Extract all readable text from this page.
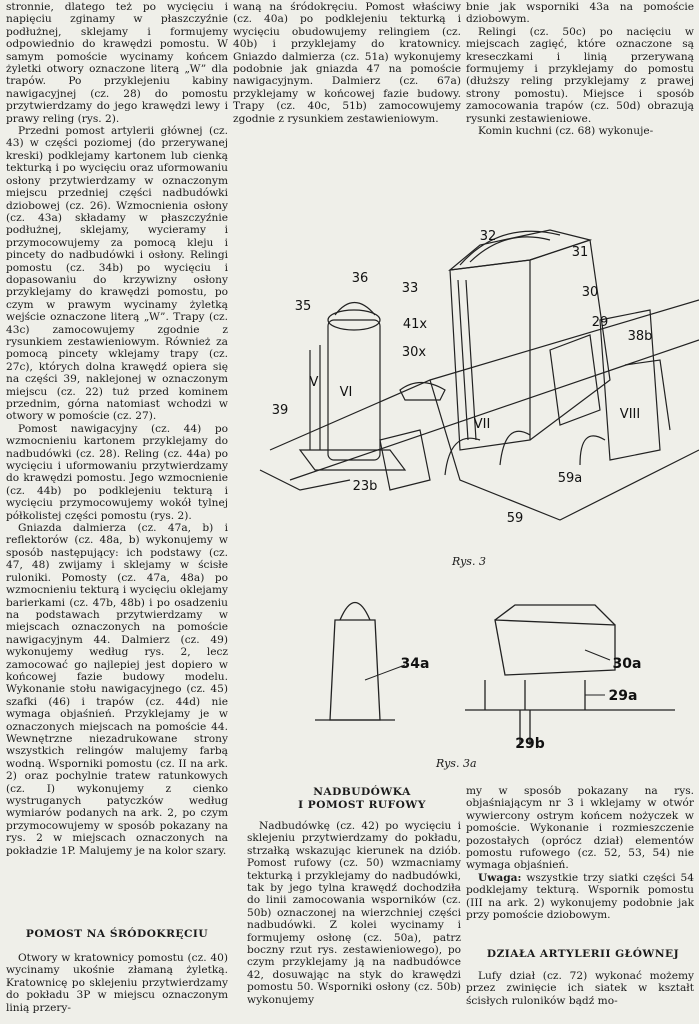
stronnie, dlatego też po wycięciu i napięciu zginamy w płaszczyźnie podłużnej, sklejamy i formujemy odpowiednio do krawędzi pomostu. W samym pomoście wycinamy końcem żyletki otwory oznaczone literą „W” dla trapów. Po przyklejeniu kabiny nawigacyjnej (cz. 28) do pomostu przytwierdzamy do jego krawędzi lewy i prawy reling (rys. 2).

Przedni pomost artylerii głównej (cz. 43) w części poziomej (do przerywanej kreski) podklejamy kartonem lub cienką tekturką i po wycięciu oraz uformowaniu osłony przytwierdzamy w oznaczonym miejscu przedniej części nadbudówki dziobowej (cz. 26). Wzmocnienia osłony (cz. 43a) składamy w płaszczyźnie podłużnej, sklejamy, wycieramy i przymocowujemy za pomocą kleju i pincety do nadbudówki i osłony. Relingi pomostu (cz. 34b) po wycięciu i dopasowaniu do krzywizny osłony przyklejamy do krawędzi pomostu, po czym w prawym wycinamy żyletką wejście oznaczone literą „W”. Trapy (cz. 43c) zamocowujemy zgodnie z rysunkiem zestawieniowym. Również za pomocą pincety wklejamy trapy (cz. 27c), których dolna krawędź opiera się na części 39, naklejonej w oznaczonym miejscu (cz. 22) tuż przed kominem przednim, górna natomiast wchodzi w otwory w pomoście (cz. 27).

Pomost nawigacyjny (cz. 44) po wzmocnieniu kartonem przyklejamy do nadbudówki (cz. 28). Reling (cz. 44a) po wycięciu i uformowaniu przytwierdzamy do krawędzi pomostu. Jego wzmocnienie (cz. 44b) po podklejeniu tekturą i wycięciu przymocowujemy wokół tylnej półkolistej części pomostu (rys. 2).

Gniazda dalmierza (cz. 47a, b) i reflektorów (cz. 48a, b) wykonujemy w sposób następujący: ich podstawy (cz. 47, 48) zwijamy i sklejamy w ścisłe ruloniki. Pomosty (cz. 47a, 48a) po wzmocnieniu tekturą i wycięciu oklejamy barierkami (cz. 47b, 48b) i po osadzeniu na podstawach przytwierdzamy w miejscach oznaczonych na pomoście nawigacyjnym 44. Dalmierz (cz. 49) wykonujemy według rys. 2, lecz zamocować go najlepiej jest dopiero w końcowej fazie budowy modelu. Wykonanie stołu nawigacyjnego (cz. 45) szafki (46) i trapów (cz. 44d) nie wymaga objaśnień. Przyklejamy je w oznaczonych miejscach na pomoście 44. Wewnętrzne niezadrukowane strony wszystkich relingów malujemy farbą wodną. Wsporniki pomostu (cz. II na ark. 2) oraz pochylnie tratew ratunkowych (cz. I) wykonujemy z cienko wystruganych patyczków według wymiarów podanych na ark. 2, po czym przymocowujemy w sposób pokazany na rys. 2 w miejscach oznaczonych na pokładzie 1P. Malujemy je na kolor szary.

POMOST NA ŚRÓDOKRĘCIU

Otwory w kratownicy pomostu (cz. 40) wycinamy ukośnie złamaną żyletką. Kratownicę po sklejeniu przytwierdzamy do pokładu 3P w miejscu oznaczonym linią przery-

waną na śródokręciu. Pomost właściwy (cz. 40a) po podklejeniu tekturką i wycięciu obudowujemy relingiem (cz. 40b) i przyklejamy do kratownicy. Gniazdo dalmierza (cz. 51a) wykonujemy podobnie jak gniazda 47 na pomoście nawigacyjnym. Dalmierz (cz. 67a) przyklejamy w końcowej fazie budowy. Trapy (cz. 40c, 51b) zamocowujemy zgodnie z rysunkiem zestawieniowym.

NADBUDÓWKA
I POMOST RUFOWY

Nadbudówkę (cz. 42) po wycięciu i sklejeniu przytwierdzamy do pokładu, strzałką wskazując kierunek na dziób. Pomost rufowy (cz. 50) wzmacniamy tekturką i przyklejamy do nadbudówki, tak by jego tylna krawędź dochodziła do linii zamocowania wsporników (cz. 50b) oznaczonej na wierzchniej części nadbudówki. Z kolei wycinamy i formujemy osłonę (cz. 50a), patrz boczny rzut rys. zestawieniowego), po czym przyklejamy ją na nadbudówce 42, dosuwając na styk do krawędzi pomostu 50. Wsporniki osłony (cz. 50b) wykonujemy

bnie jak wsporniki 43a na pomoście dziobowym.

Relingi (cz. 50c) po nacięciu w miejscach zagięć, które oznaczone są kreseczkami i linią przerywaną formujemy i przyklejamy do pomostu (dłuższy reling przyklejamy z prawej strony pomostu). Miejsce i sposób zamocowania trapów (cz. 50d) obrazują rysunki zestawieniowe.

Komin kuchni (cz. 68) wykonuje-

my w sposób pokazany na rys. objaśniającym nr 3 i wklejamy w otwór wywiercony ostrym końcem nożyczek w pomoście. Wykonanie i rozmieszczenie pozostałych (oprócz dział) elementów pomostu rufowego (cz. 52, 53, 54) nie wymaga objaśnień.

Uwaga: wszystkie trzy siatki części 54 podklejamy tekturą. Wspornik pomostu (III na ark. 2) wykonujemy podobnie jak przy pomoście dziobowym.

DZIAŁA ARTYLERII GŁÓWNEJ

Lufy dział (cz. 72) wykonać możemy przez zwinięcie ich siatek w kształt ścisłych ruloników bądź mo-

32
31
33	30
36
35
41x
30x
29
38b
V
VI
VII
VIII
39
23b
59a
59
Rys. 3
34a	30a
29a
29b
Rys. 3a
